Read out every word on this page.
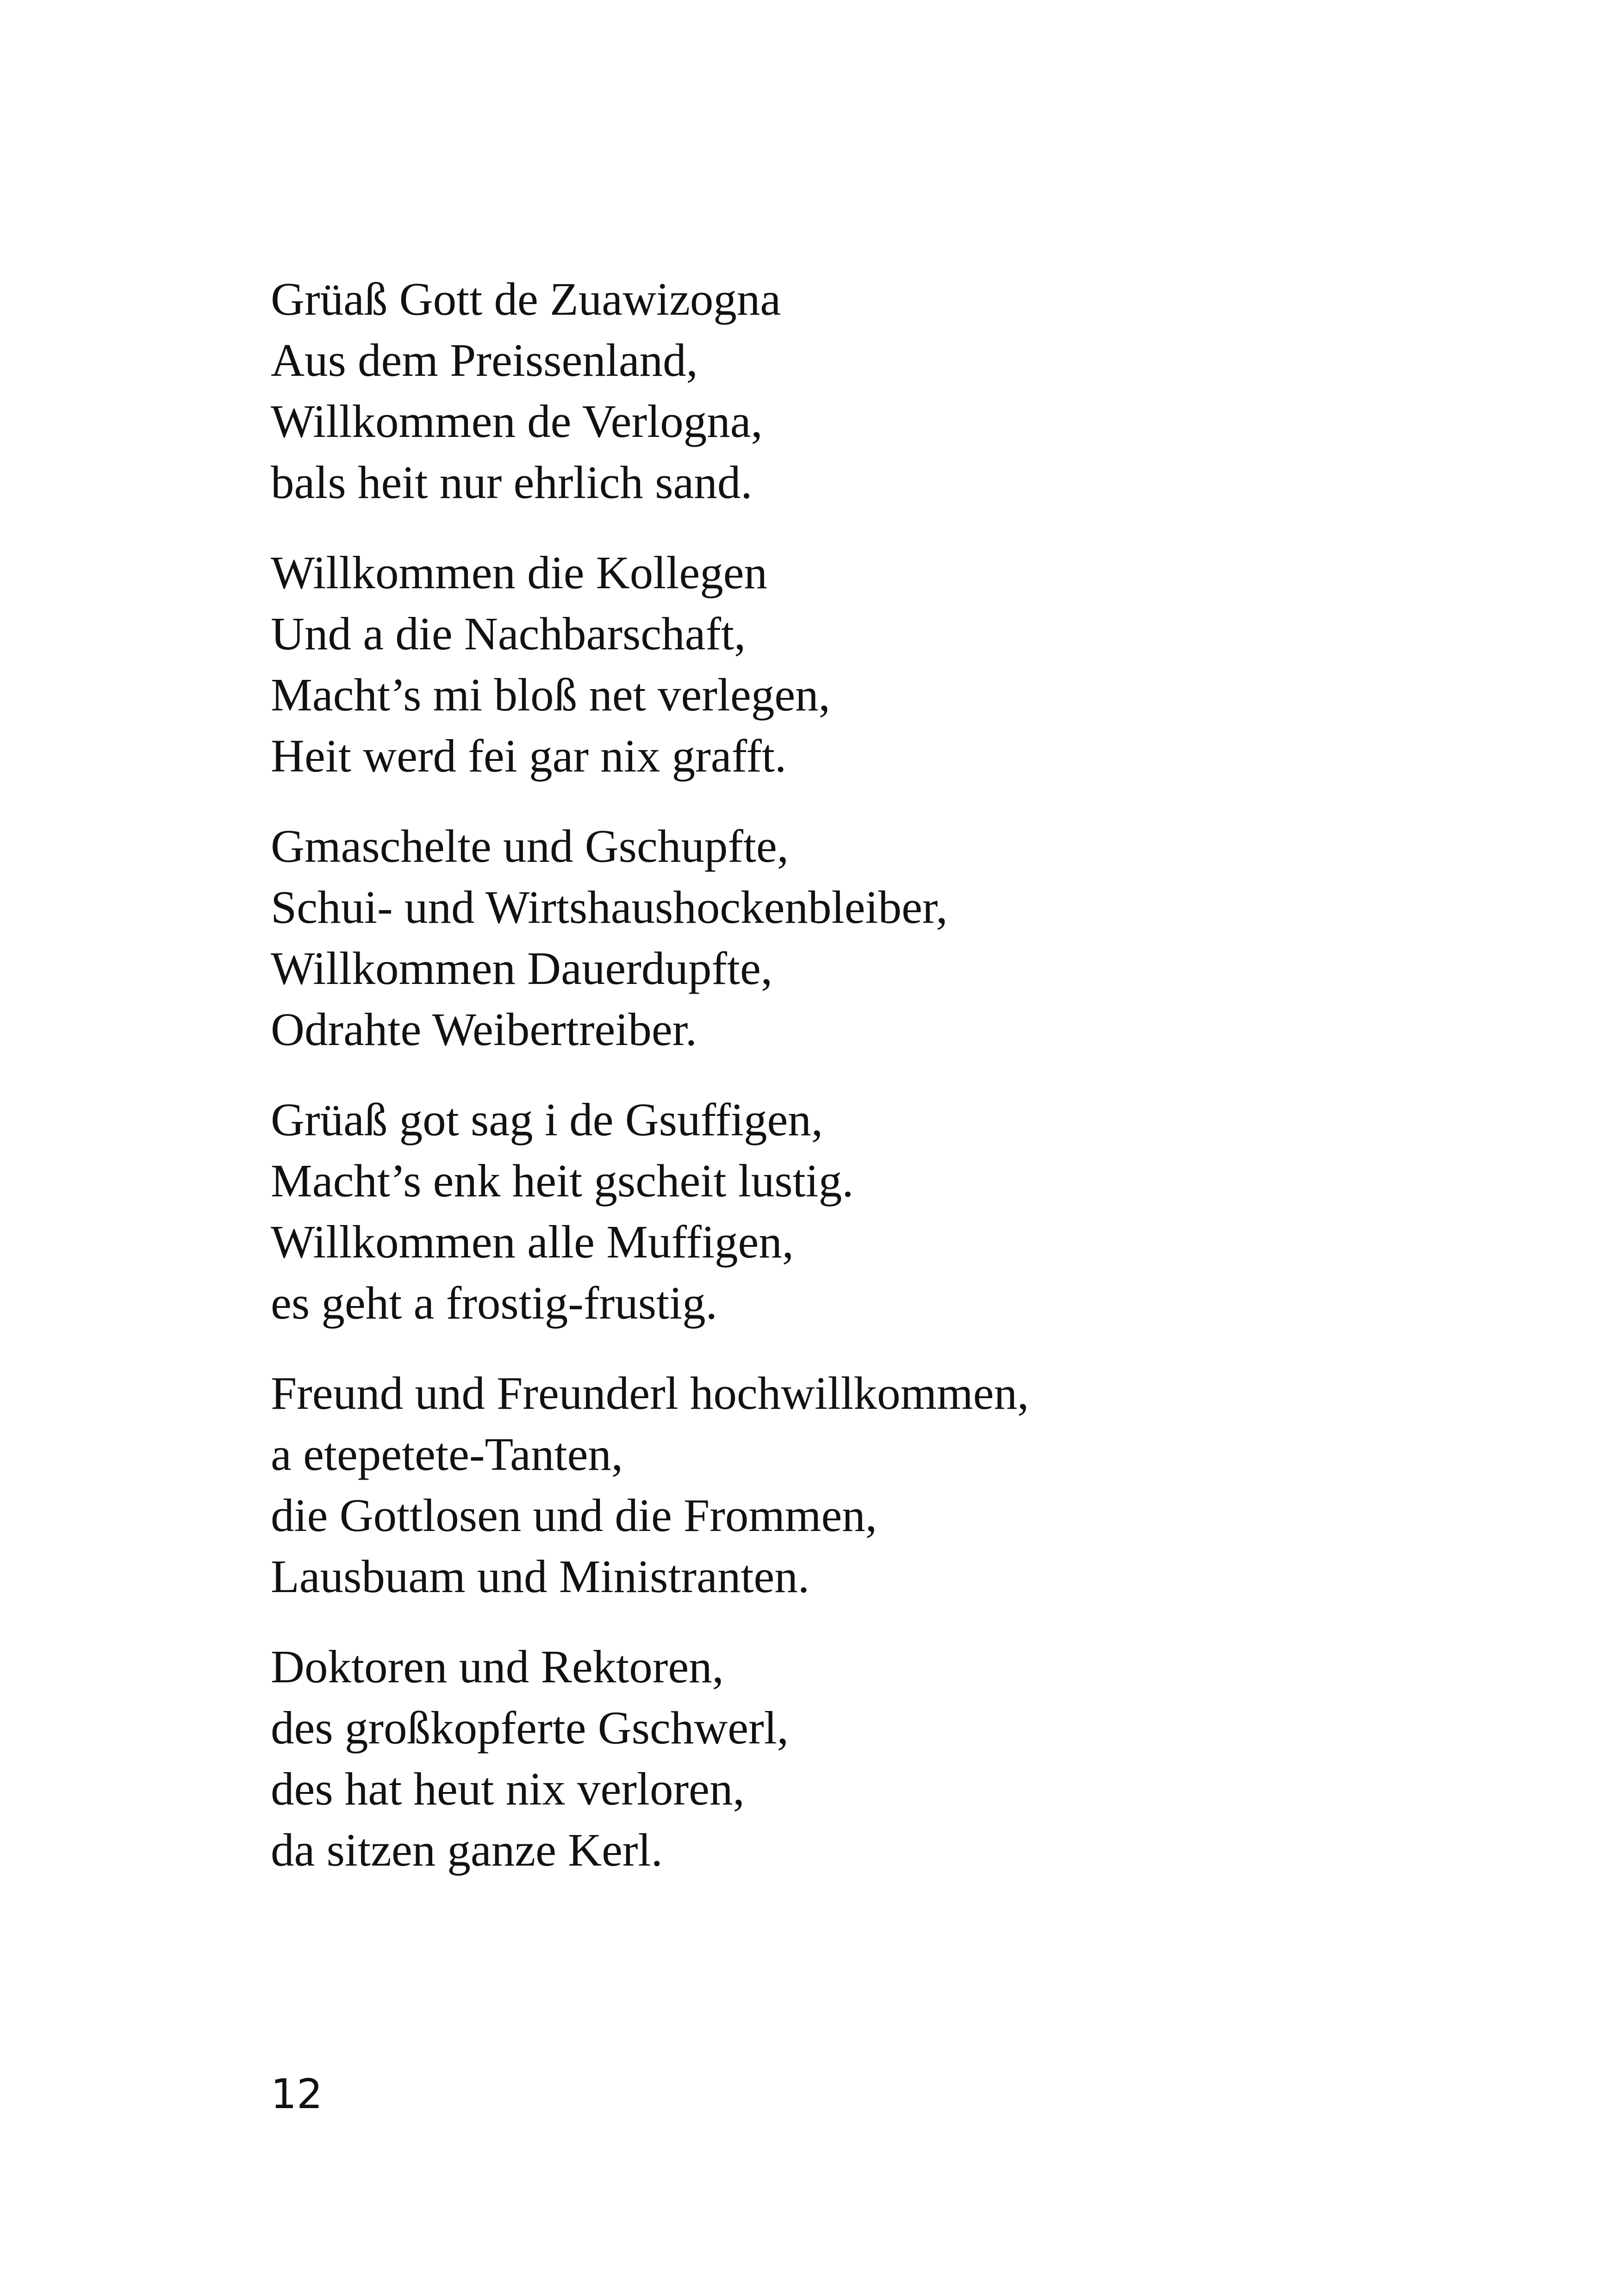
Grüaß Gott de Zuawizogna
Aus dem Preissenland,
Willkommen de Verlogna,
bals heit nur ehrlich sand.
Willkommen die Kollegen
Und a die Nachbarschaft,
Macht’s mi bloß net verlegen,
Heit werd fei gar nix grafft.
Gmaschelte und Gschupfte,
Schui- und Wirtshaushockenbleiber,
Willkommen Dauerdupfte,
Odrahte Weibertreiber.
Grüaß got sag i de Gsuffigen,
Macht’s enk heit gscheit lustig.
Willkommen alle Muffigen,
es geht a frostig-frustig.
Freund und Freunderl hochwillkommen,
a etepetete-Tanten,
die Gottlosen und die Frommen,
Lausbuam und Ministranten.
Doktoren und Rektoren,
des großkopferte Gschwerl,
des hat heut nix verloren,
da sitzen ganze Kerl.
12
